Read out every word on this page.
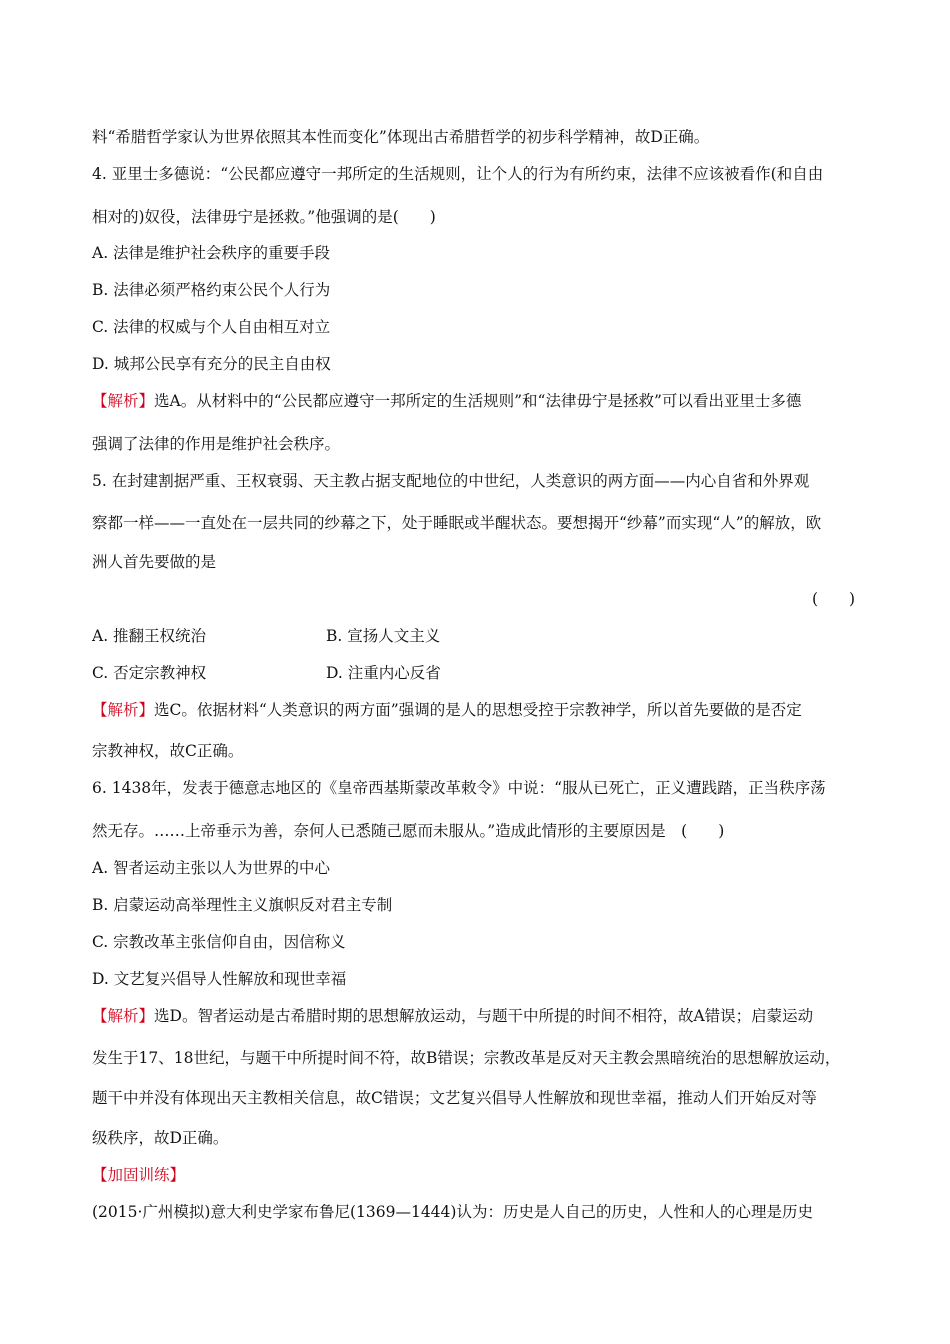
料“希腊哲学家认为世界依照其本性而变化”体现出古希腊哲学的初步科学精神，故D正确。
4. 亚里士多德说：“公民都应遵守一邦所定的生活规则，让个人的行为有所约束，法律不应该被看作(和自由
相对的)奴役，法律毋宁是拯救。”他强调的是(　　)
A. 法律是维护社会秩序的重要手段
B. 法律必须严格约束公民个人行为
C. 法律的权威与个人自由相互对立
D. 城邦公民享有充分的民主自由权
【解析】选A。从材料中的“公民都应遵守一邦所定的生活规则”和“法律毋宁是拯救”可以看出亚里士多德
强调了法律的作用是维护社会秩序。
5. 在封建割据严重、王权衰弱、天主教占据支配地位的中世纪，人类意识的两方面——内心自省和外界观
察都一样——一直处在一层共同的纱幕之下，处于睡眠或半醒状态。要想揭开“纱幕”而实现“人”的解放，欧
洲人首先要做的是
(　　)
A. 推翻王权统治	B. 宣扬人文主义
C. 否定宗教神权	D. 注重内心反省
【解析】选C。依据材料“人类意识的两方面”强调的是人的思想受控于宗教神学，所以首先要做的是否定
宗教神权，故C正确。
6. 1438年，发表于德意志地区的《皇帝西基斯蒙改革敕令》中说：“服从已死亡，正义遭践踏，正当秩序荡
然无存。……上帝垂示为善，奈何人已悉随己愿而未服从。”造成此情形的主要原因是　(　　)
A. 智者运动主张以人为世界的中心
B. 启蒙运动高举理性主义旗帜反对君主专制
C. 宗教改革主张信仰自由，因信称义
D. 文艺复兴倡导人性解放和现世幸福
【解析】选D。智者运动是古希腊时期的思想解放运动，与题干中所提的时间不相符，故A错误；启蒙运动
发生于17、18世纪，与题干中所提时间不符，故B错误；宗教改革是反对天主教会黑暗统治的思想解放运动，
题干中并没有体现出天主教相关信息，故C错误；文艺复兴倡导人性解放和现世幸福，推动人们开始反对等
级秩序，故D正确。
【加固训练】
(2015·广州模拟)意大利史学家布鲁尼(1369—1444)认为：历史是人自己的历史，人性和人的心理是历史
